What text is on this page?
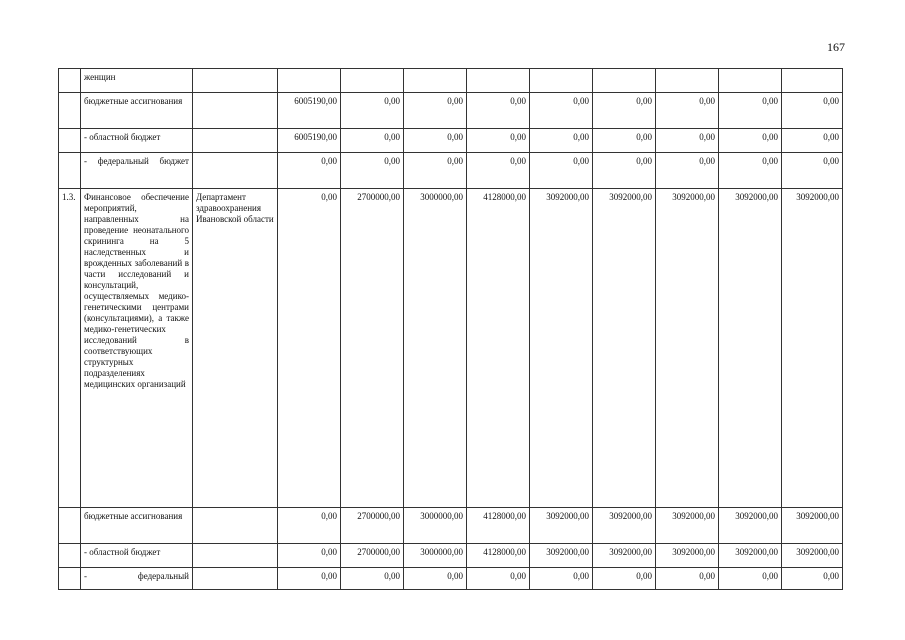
167
	женщин										
	бюджетные ассигнования		6005190,00	0,00	0,00	0,00	0,00	0,00	0,00	0,00	0,00
	- областной бюджет		6005190,00	0,00	0,00	0,00	0,00	0,00	0,00	0,00	0,00
	- федеральный бюджет		0,00	0,00	0,00	0,00	0,00	0,00	0,00	0,00	0,00
1.3.	Финансовое обеспечение мероприятий, направленных на проведение неонатального скрининга на 5 наследственных и врожденных заболеваний в части исследований и консультаций, осуществляемых медико-генетическими центрами (консультациями), а также медико-генетических исследований в соответствующих структурных подразделениях медицинских организаций	Департамент здравоохранения Ивановской области	0,00	2700000,00	3000000,00	4128000,00	3092000,00	3092000,00	3092000,00	3092000,00	3092000,00
	бюджетные ассигнования		0,00	2700000,00	3000000,00	4128000,00	3092000,00	3092000,00	3092000,00	3092000,00	3092000,00
	- областной бюджет		0,00	2700000,00	3000000,00	4128000,00	3092000,00	3092000,00	3092000,00	3092000,00	3092000,00
	- федеральный		0,00	0,00	0,00	0,00	0,00	0,00	0,00	0,00	0,00
